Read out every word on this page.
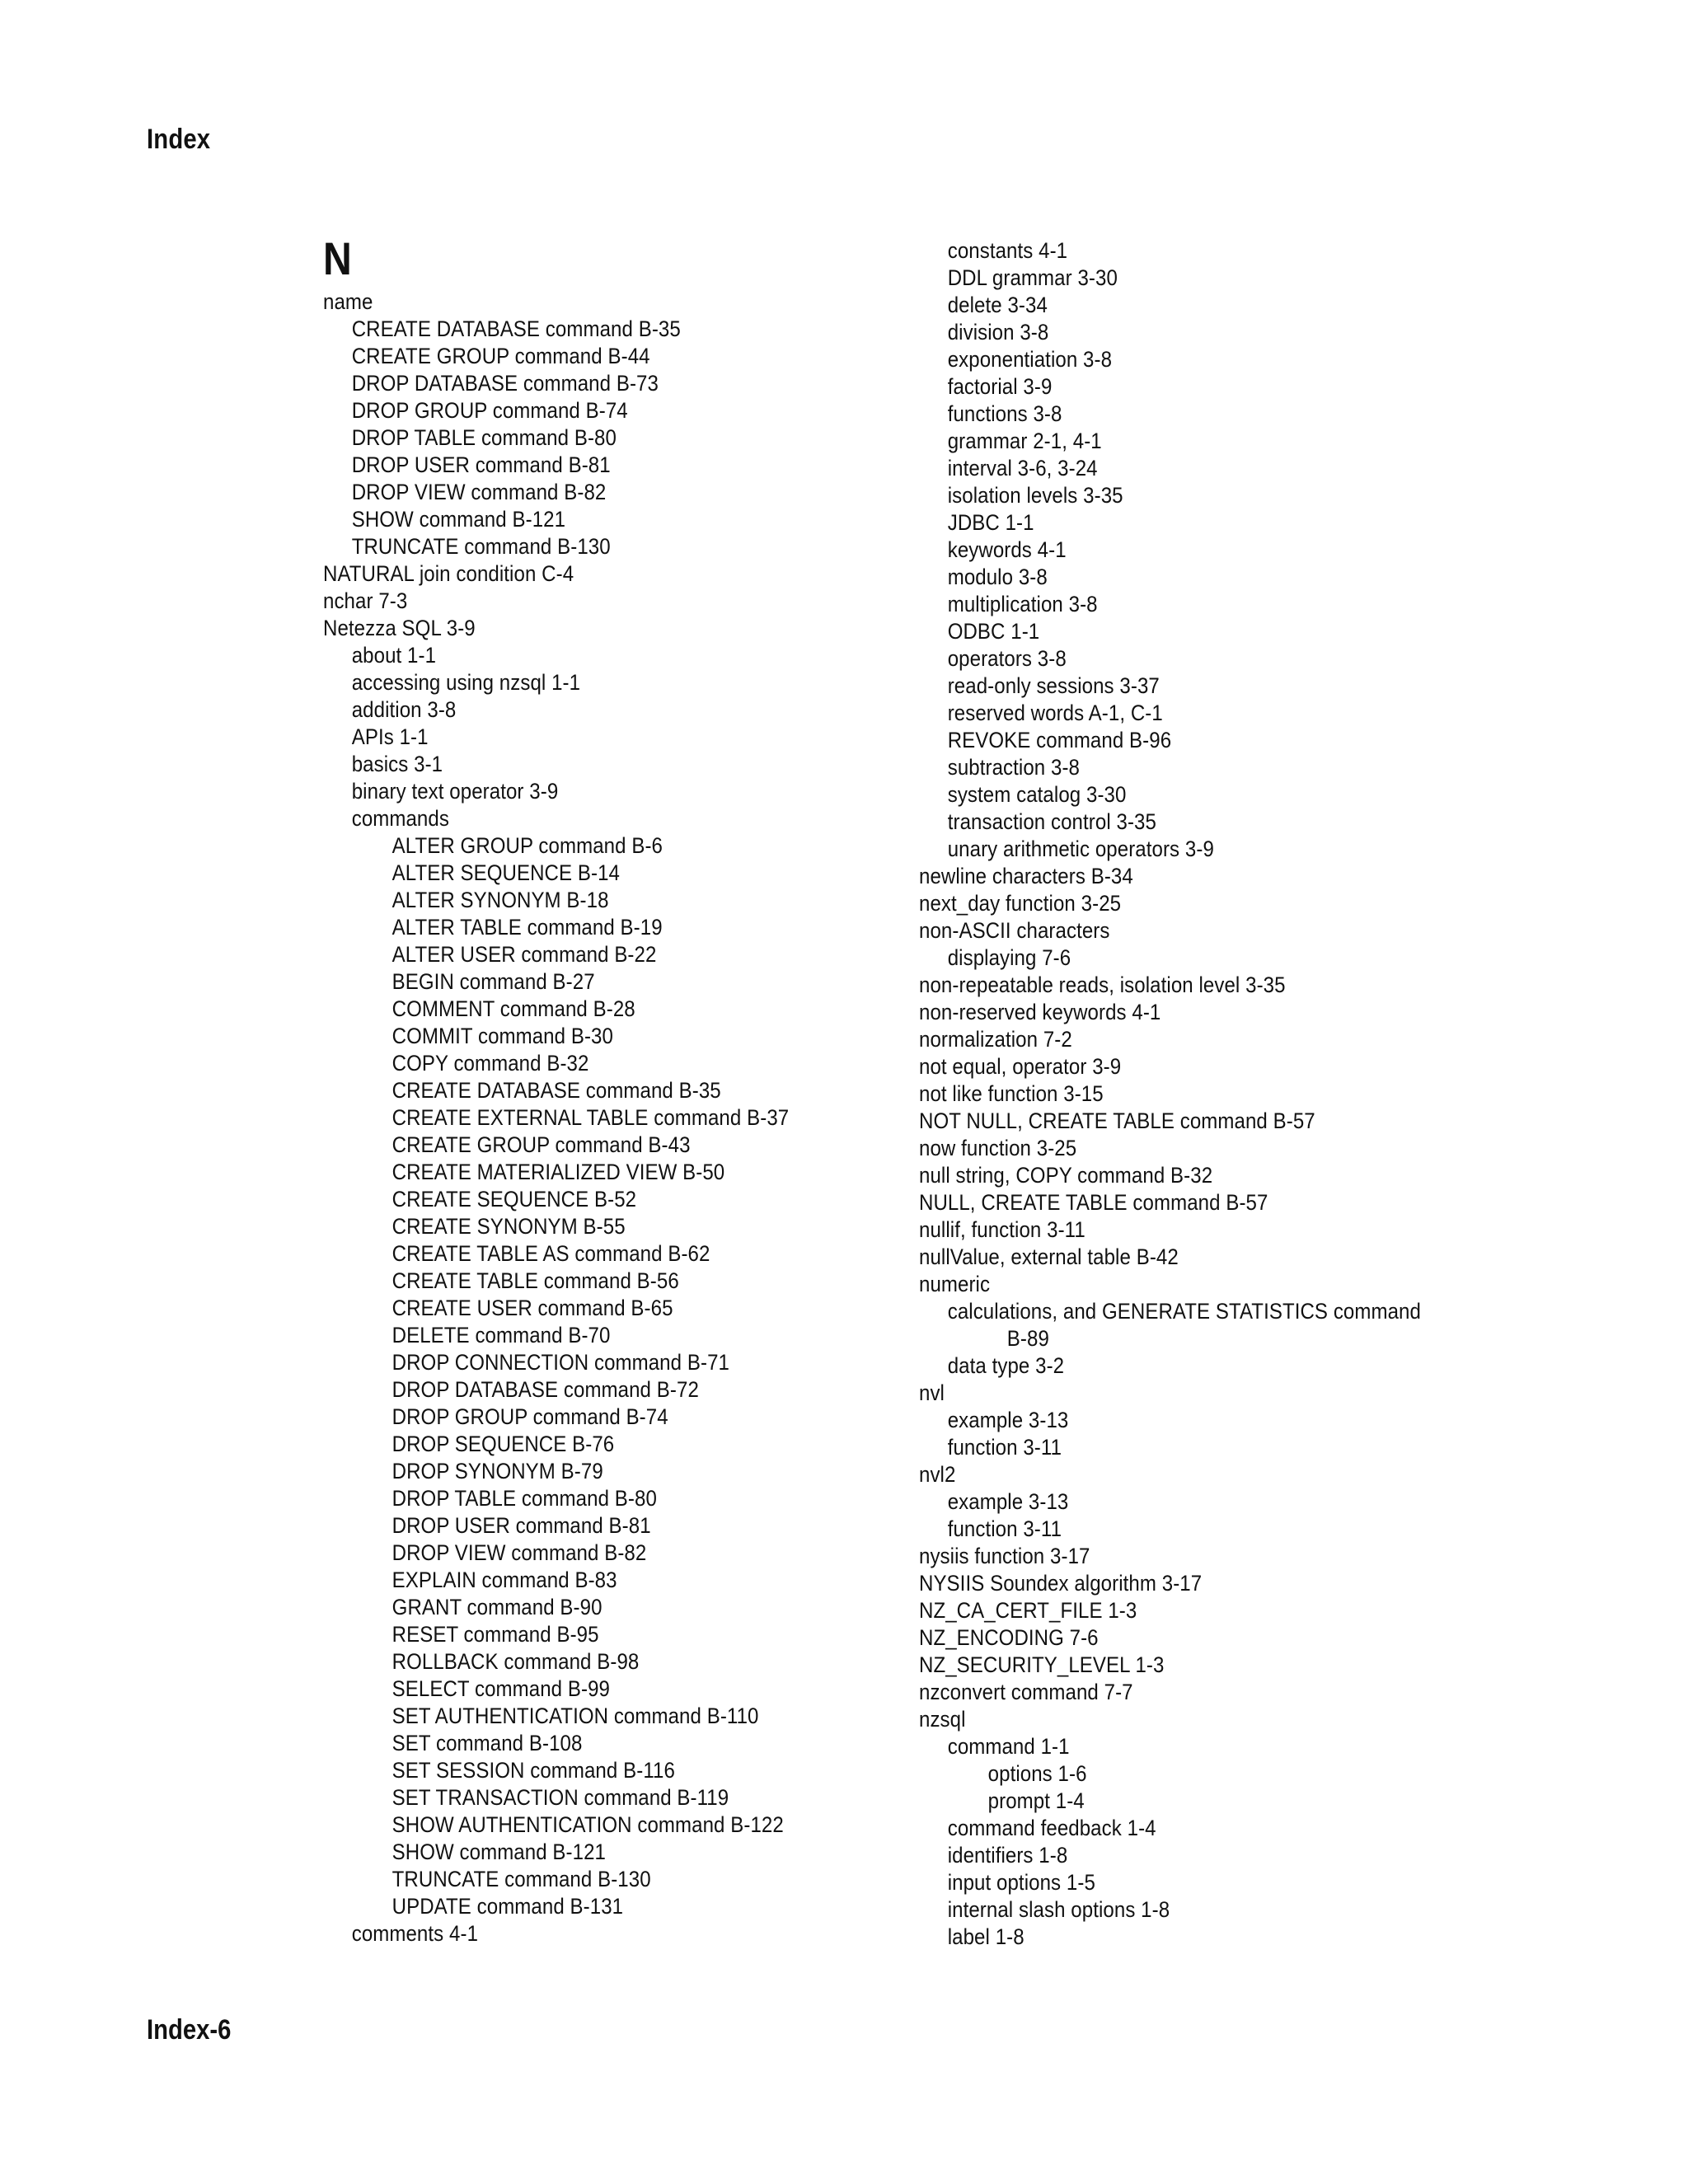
Index
N
name
CREATE DATABASE command B-35
CREATE GROUP command B-44
DROP DATABASE command B-73
DROP GROUP command B-74
DROP TABLE command B-80
DROP USER command B-81
DROP VIEW command B-82
SHOW command B-121
TRUNCATE command B-130
NATURAL join condition C-4
nchar 7-3
Netezza SQL 3-9
about 1-1
accessing using nzsql 1-1
addition 3-8
APIs 1-1
basics 3-1
binary text operator 3-9
commands
ALTER GROUP command B-6
ALTER SEQUENCE B-14
ALTER SYNONYM B-18
ALTER TABLE command B-19
ALTER USER command B-22
BEGIN command B-27
COMMENT command B-28
COMMIT command B-30
COPY command B-32
CREATE DATABASE command B-35
CREATE EXTERNAL TABLE command B-37
CREATE GROUP command B-43
CREATE MATERIALIZED VIEW B-50
CREATE SEQUENCE B-52
CREATE SYNONYM B-55
CREATE TABLE AS command B-62
CREATE TABLE command B-56
CREATE USER command B-65
DELETE command B-70
DROP CONNECTION command B-71
DROP DATABASE command B-72
DROP GROUP command B-74
DROP SEQUENCE B-76
DROP SYNONYM B-79
DROP TABLE command B-80
DROP USER command B-81
DROP VIEW command B-82
EXPLAIN command B-83
GRANT command B-90
RESET command B-95
ROLLBACK command B-98
SELECT command B-99
SET AUTHENTICATION command B-110
SET command B-108
SET SESSION command B-116
SET TRANSACTION command B-119
SHOW AUTHENTICATION command B-122
SHOW command B-121
TRUNCATE command B-130
UPDATE command B-131
comments 4-1
constants 4-1
DDL grammar 3-30
delete 3-34
division 3-8
exponentiation 3-8
factorial 3-9
functions 3-8
grammar 2-1, 4-1
interval 3-6, 3-24
isolation levels 3-35
JDBC 1-1
keywords 4-1
modulo 3-8
multiplication 3-8
ODBC 1-1
operators 3-8
read-only sessions 3-37
reserved words A-1, C-1
REVOKE command B-96
subtraction 3-8
system catalog 3-30
transaction control 3-35
unary arithmetic operators 3-9
newline characters B-34
next_day function 3-25
non-ASCII characters
displaying 7-6
non-repeatable reads, isolation level 3-35
non-reserved keywords 4-1
normalization 7-2
not equal, operator 3-9
not like function 3-15
NOT NULL, CREATE TABLE command B-57
now function 3-25
null string, COPY command B-32
NULL, CREATE TABLE command B-57
nullif, function 3-11
nullValue, external table B-42
numeric
calculations, and GENERATE STATISTICS command
B-89
data type 3-2
nvl
example 3-13
function 3-11
nvl2
example 3-13
function 3-11
nysiis function 3-17
NYSIIS Soundex algorithm 3-17
NZ_CA_CERT_FILE 1-3
NZ_ENCODING 7-6
NZ_SECURITY_LEVEL 1-3
nzconvert command 7-7
nzsql
command 1-1
options 1-6
prompt 1-4
command feedback 1-4
identifiers 1-8
input options 1-5
internal slash options 1-8
label 1-8
Index-6
